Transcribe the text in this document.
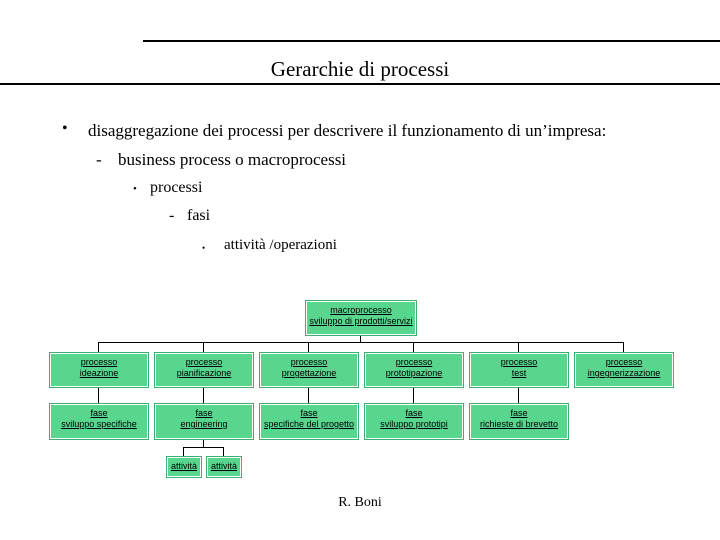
Gerarchie di processi
• disaggregazione dei processi per descrivere il funzionamento di un’impresa:
- business process o macroprocessi
• processi
- fasi
• attività /operazioni
macroprocesso
sviluppo di prodotti/servizi
processo
ideazione
processo
pianificazione
processo
progettazione
processo
prototipazione
processo
test
processo
ingegnerizzazione
fase
sviluppo specifiche
fase
engineering
fase
specifiche del progetto
fase
sviluppo prototipi
fase
richieste di brevetto
attività	attività
R. Boni
